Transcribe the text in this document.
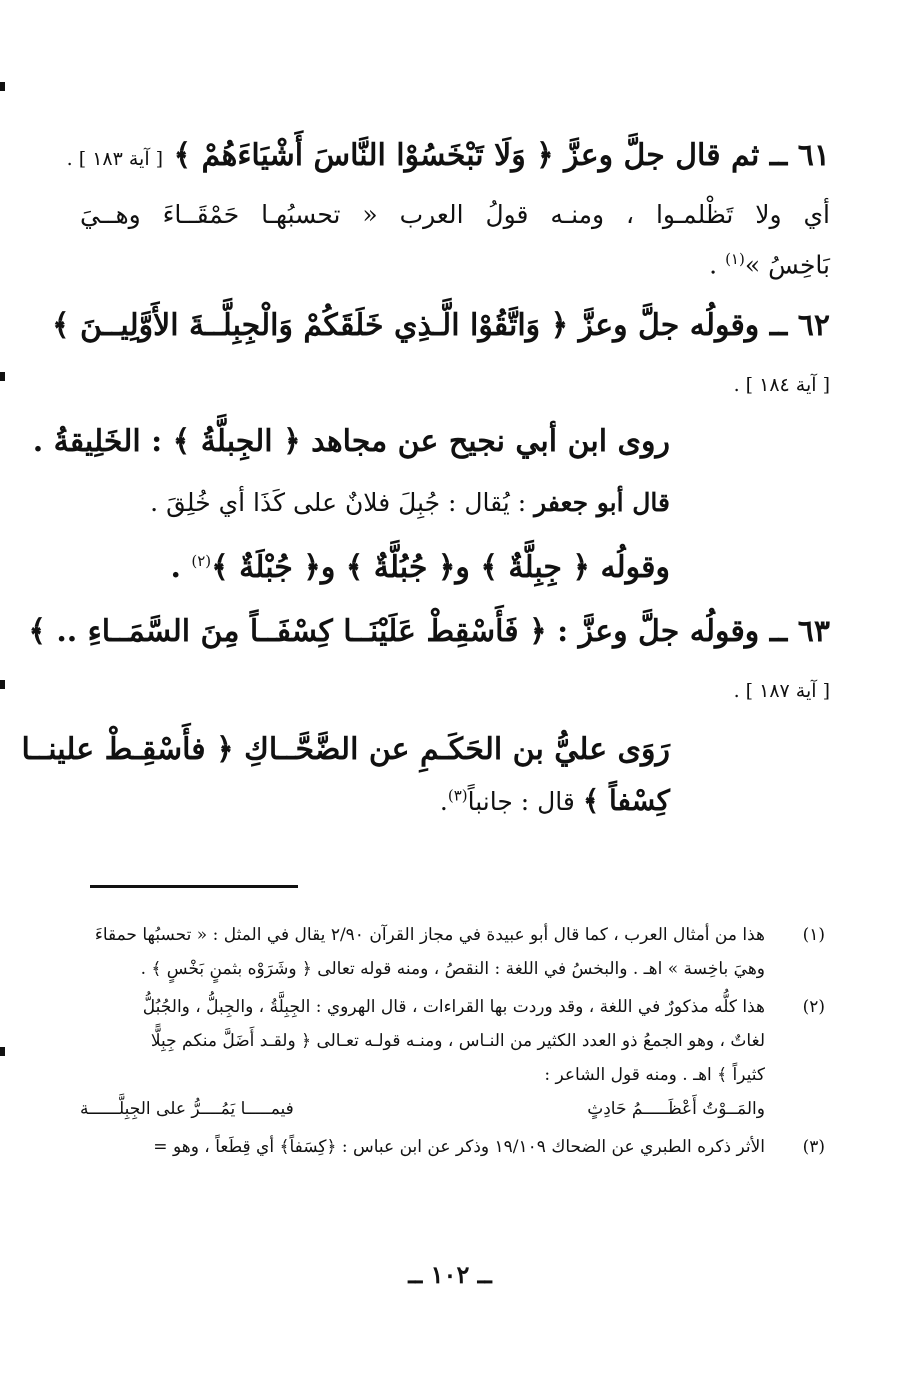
٦١ ــ ثم قال جلَّ وعزَّ ﴿ وَلَا تَبْخَسُوْا النَّاسَ أَشْيَاءَهُمْ ﴾ [ آية ١٨٣ ] .
أي ولا تَظْلمـوا ، ومنـه قولُ العرب « تحسبُهـا حَمْقَــاءَ وهــيَ
بَاخِسُ »$^{(١)}$ .
٦٢ ــ وقولُه جلَّ وعزَّ ﴿ وَاتَّقُوْا الَّـذِي خَلَقَكُمْ وَالْجِبِلَّــةَ الأَوَّلِيــنَ ﴾
[ آية ١٨٤ ] .
روى ابن أبي نجيح عن مجاهد ﴿ الجِبلَّةُ ﴾ : الخَلِيقةُ .
قال أبو جعفر : يُقال : جُبِلَ فلانٌ على كَذَا أي خُلِقَ .
وقولُه ﴿ جِبِلَّةٌ ﴾ و﴿ جُبُلَّةٌ ﴾ و﴿ جُبْلَةٌ ﴾$^{(٢)}$ .
٦٣ ــ وقولُه جلَّ وعزَّ : ﴿ فَأَسْقِطْ عَلَيْنَــا كِسْفَــاً مِنَ السَّمَــاءِ .. ﴾
[ آية ١٨٧ ] .
رَوَى عليُّ بن الحَكَـمِ عن الضَّحَّــاكِ ﴿ فأَسْقِـطْ علينــا
كِسْفاً ﴾ قال : جانباً$^{(٣)}$.
(١)
هذا من أمثال العرب ، كما قال أبو عبيدة في مجاز القرآن ٢/٩٠ يقال في المثل : « تحسبُها حمقاءَ
وهيَ باخِسة » اهـ . والبخسُ في اللغة : النقصُ ، ومنه قوله تعالى ﴿ وشَرَوْه بثمنٍ بَخْسٍ ﴾ .
(٢)
هذا كلُّه مذكورٌ في اللغة ، وقد وردت بها القراءات ، قال الهروي : الجِبِلَّةُ ، والجِبلُّ ، والجُبُلُّ
لغاتٌ ، وهو الجمعُ ذو العدد الكثير من النـاس ، ومنـه قولـه تعـالى ﴿ ولقـد أَضَلَّ منكم جِبِلًّا
كثيراً ﴾ اهـ . ومنه قول الشاعر :
والمَــوْتُ أَعْظَـــــمُ حَادِثٍ
فيمـــــا يَمُــــرُّ على الجِبِلَّــــــة
(٣)
الأثر ذكره الطبري عن الضحاك ١٩/١٠٩ وذكر عن ابن عباس : ﴿كِسَفاً﴾ أي قِطَعاً ، وهو =
ــ ١٠٢ ــ
